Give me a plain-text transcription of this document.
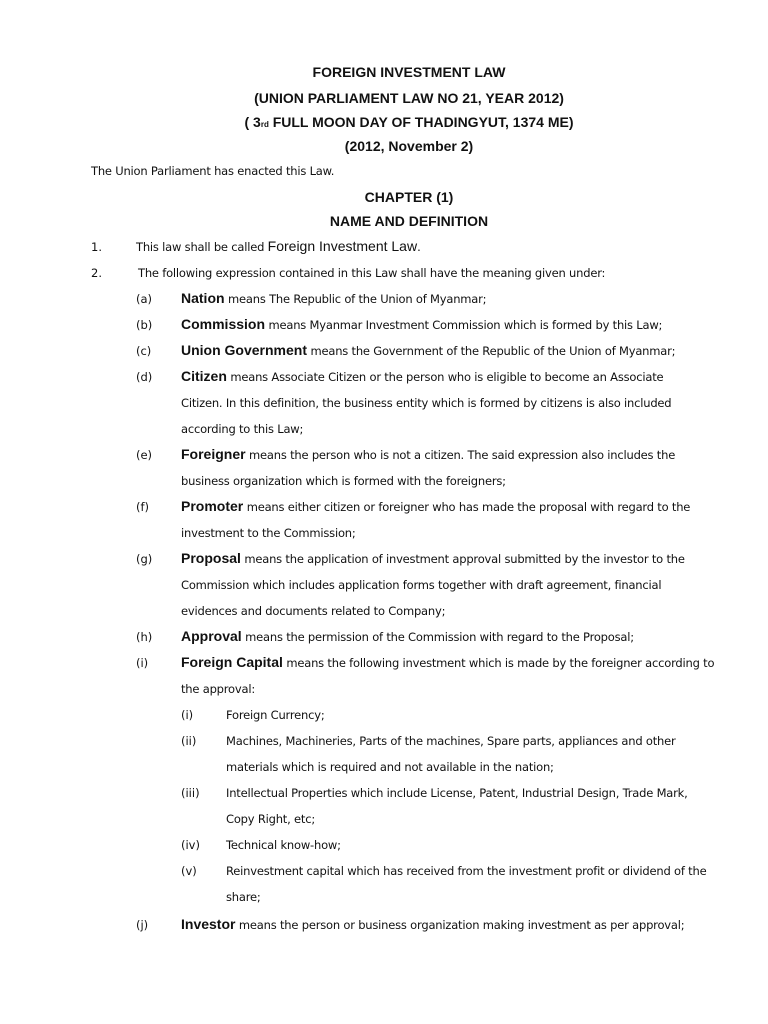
FOREIGN INVESTMENT LAW
(UNION PARLIAMENT LAW NO 21, YEAR 2012)
( 3rd FULL MOON DAY OF THADINGYUT, 1374 ME)
(2012, November 2)
The Union Parliament has enacted this Law.
CHAPTER (1)
NAME AND DEFINITION
1.	This law shall be called Foreign Investment Law.
2.	The following expression contained in this Law shall have the meaning given under:
(a) Nation means The Republic of the Union of Myanmar;
(b) Commission means Myanmar Investment Commission which is formed by this Law;
(c) Union Government means the Government of the Republic of the Union of Myanmar;
(d) Citizen means Associate Citizen or the person who is eligible to become an Associate
Citizen. In this definition, the business entity which is formed by citizens is also included
according to this Law;
(e) Foreigner means the person who is not a citizen. The said expression also includes the
business organization which is formed with the foreigners;
(f) Promoter means either citizen or foreigner who has made the proposal with regard to the
investment to the Commission;
(g) Proposal means the application of investment approval submitted by the investor to the
Commission which includes application forms together with draft agreement, financial
evidences and documents related to Company;
(h) Approval means the permission of the Commission with regard to the Proposal;
(i) Foreign Capital means the following investment which is made by the foreigner according to
the approval:
(i)	Foreign Currency;
(ii)	Machines, Machineries, Parts of the machines, Spare parts, appliances and other
materials which is required and not available in the nation;
(iii) Intellectual Properties which include License, Patent, Industrial Design, Trade Mark,
Copy Right, etc;
(iv) Technical know-how;
(v)	Reinvestment capital which has received from the investment profit or dividend of the
share;
(j) Investor means the person or business organization making investment as per approval;
